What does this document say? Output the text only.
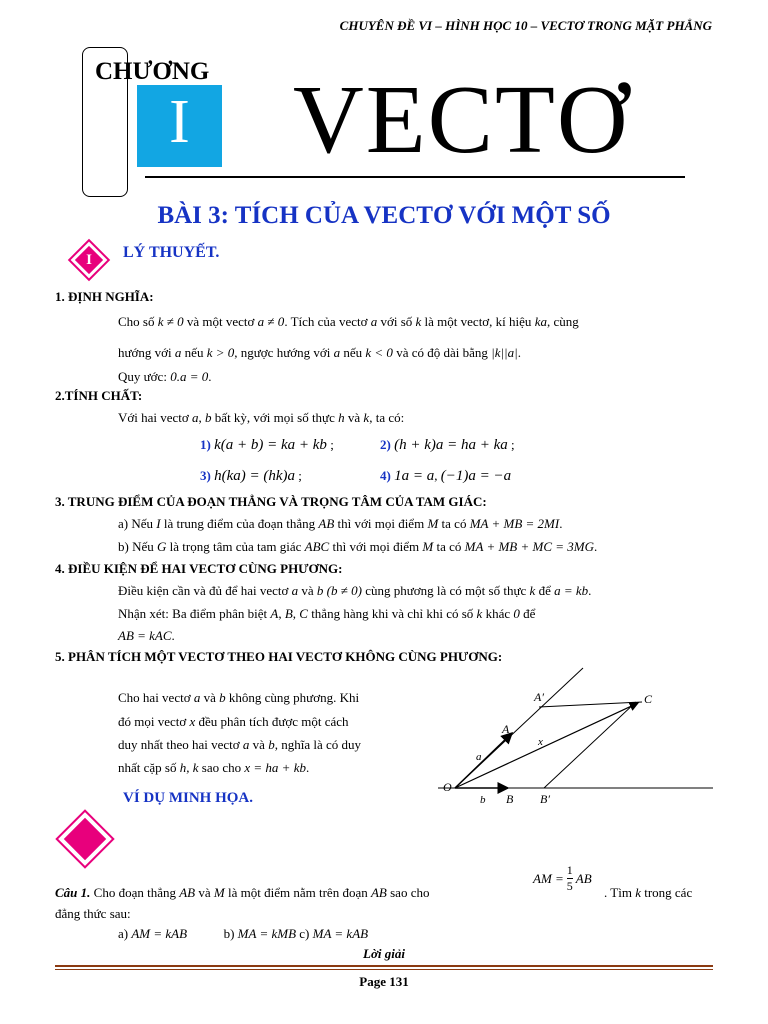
CHUYÊN ĐỀ VI – HÌNH HỌC 10 – VECTƠ TRONG MẶT PHẲNG
CHƯƠNG
I	VECTƠ
BÀI 3: TÍCH CỦA VECTƠ VỚI MỘT SỐ
I	LÝ THUYẾT.
1. ĐỊNH NGHĨA:
Cho số k ≠ 0 và một vectơ a ≠ 0. Tích của vectơ a với số k là một vectơ, kí hiệu ka, cùng
hướng với a nếu k > 0, ngược hướng với a nếu k < 0 và có độ dài bằng |k||a|.
Quy ước: 0.a = 0.
2.TÍNH CHẤT:
Với hai vectơ a, b bất kỳ, với mọi số thực h và k, ta có:
1) k(a + b) = ka + kb ;	2) (h + k)a = ha + ka ;
3) h(ka) = (hk)a ;	4) 1a = a, (−1)a = −a
3. TRUNG ĐIỂM CỦA ĐOẠN THẲNG VÀ TRỌNG TÂM CỦA TAM GIÁC:
a) Nếu I là trung điểm của đoạn thẳng AB thì với mọi điểm M ta có MA + MB = 2MI.
b) Nếu G là trọng tâm của tam giác ABC thì với mọi điểm M ta có MA + MB + MC = 3MG.
4. ĐIỀU KIỆN ĐỂ HAI VECTƠ CÙNG PHƯƠNG:
Điều kiện cần và đủ để hai vectơ a và b (b ≠ 0) cùng phương là có một số thực k để a = kb.
Nhận xét: Ba điểm phân biệt A, B, C thẳng hàng khi và chỉ khi có số k khác 0 để
AB = kAC.
5. PHÂN TÍCH MỘT VECTƠ THEO HAI VECTƠ KHÔNG CÙNG PHƯƠNG:
Cho hai vectơ a và b không cùng phương. Khi
đó mọi vectơ x đều phân tích được một cách
duy nhất theo hai vectơ a và b, nghĩa là có duy
nhất cặp số h, k sao cho x = ha + kb.
O
A
A′	C
B B′
a
b
x
VÍ DỤ MINH HỌA.
Câu 1. Cho đoạn thẳng AB và M là một điểm nằm trên đoạn AB sao cho
AM = $\frac{1}{5}$ AB
. Tìm k trong các
đẳng thức sau:
a) AM = kAB	b) MA = kMB c) MA = kAB
Lời giải
Page 131
